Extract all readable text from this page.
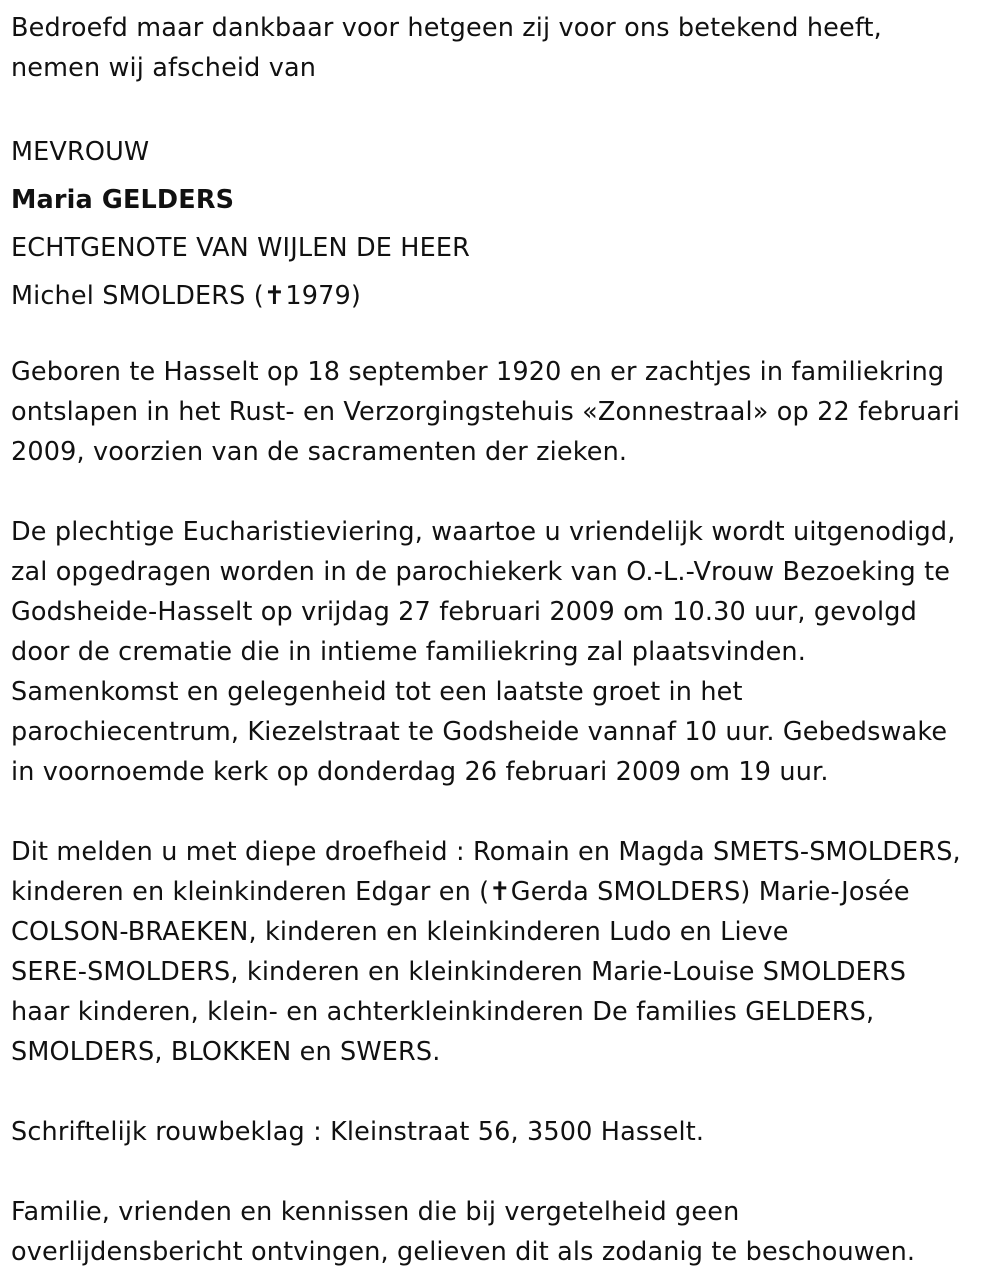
Bedroefd maar dankbaar voor hetgeen zij voor ons betekend heeft,
nemen wij afscheid van

MEVROUW
Maria GELDERS
ECHTGENOTE VAN WIJLEN DE HEER
Michel SMOLDERS (✝1979)

Geboren te Hasselt op 18 september 1920 en er zachtjes in familiekring
ontslapen in het Rust- en Verzorgingstehuis «Zonnestraal» op 22 februari
2009, voorzien van de sacramenten der zieken.

De plechtige Eucharistieviering, waartoe u vriendelijk wordt uitgenodigd,
zal opgedragen worden in de parochiekerk van O.-L.-Vrouw Bezoeking te
Godsheide-Hasselt op vrijdag 27 februari 2009 om 10.30 uur, gevolgd
door de crematie die in intieme familiekring zal plaatsvinden.
Samenkomst en gelegenheid tot een laatste groet in het
parochiecentrum, Kiezelstraat te Godsheide vannaf 10 uur. Gebedswake
in voornoemde kerk op donderdag 26 februari 2009 om 19 uur.

Dit melden u met diepe droefheid : Romain en Magda SMETS-SMOLDERS,
kinderen en kleinkinderen Edgar en (✝Gerda SMOLDERS) Marie-Josée
COLSON-BRAEKEN, kinderen en kleinkinderen Ludo en Lieve
SERE-SMOLDERS, kinderen en kleinkinderen Marie-Louise SMOLDERS
haar kinderen, klein- en achterkleinkinderen De families GELDERS,
SMOLDERS, BLOKKEN en SWERS.

Schriftelijk rouwbeklag : Kleinstraat 56, 3500 Hasselt.

Familie, vrienden en kennissen die bij vergetelheid geen
overlijdensbericht ontvingen, gelieven dit als zodanig te beschouwen.
